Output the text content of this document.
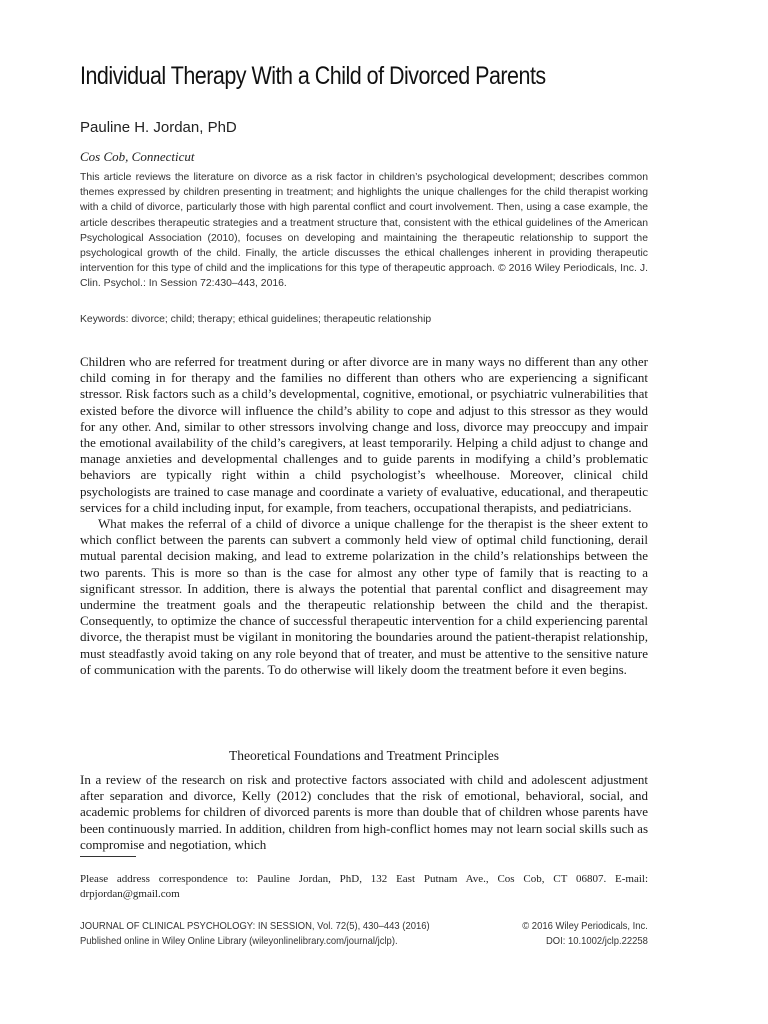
Individual Therapy With a Child of Divorced Parents

Pauline H. Jordan, PhD

Cos Cob, Connecticut

This article reviews the literature on divorce as a risk factor in children’s psychological development; describes common themes expressed by children presenting in treatment; and highlights the unique challenges for the child therapist working with a child of divorce, particularly those with high parental conflict and court involvement. Then, using a case example, the article describes therapeutic strategies and a treatment structure that, consistent with the ethical guidelines of the American Psychological Association (2010), focuses on developing and maintaining the therapeutic relationship to support the psychological growth of the child. Finally, the article discusses the ethical challenges inherent in providing therapeutic intervention for this type of child and the implications for this type of therapeutic approach. © 2016 Wiley Periodicals, Inc. J. Clin. Psychol.: In Session 72:430–443, 2016.

Keywords: divorce; child; therapy; ethical guidelines; therapeutic relationship

Children who are referred for treatment during or after divorce are in many ways no different than any other child coming in for therapy and the families no different than others who are experiencing a significant stressor. Risk factors such as a child’s developmental, cognitive, emotional, or psychiatric vulnerabilities that existed before the divorce will influence the child’s ability to cope and adjust to this stressor as they would for any other. And, similar to other stressors involving change and loss, divorce may preoccupy and impair the emotional availability of the child’s caregivers, at least temporarily. Helping a child adjust to change and manage anxieties and developmental challenges and to guide parents in modifying a child’s problematic behaviors are typically right within a child psychologist’s wheelhouse. Moreover, clinical child psychologists are trained to case manage and coordinate a variety of evaluative, educational, and therapeutic services for a child including input, for example, from teachers, occupational therapists, and pediatricians.

What makes the referral of a child of divorce a unique challenge for the therapist is the sheer extent to which conflict between the parents can subvert a commonly held view of optimal child functioning, derail mutual parental decision making, and lead to extreme polarization in the child’s relationships between the two parents. This is more so than is the case for almost any other type of family that is reacting to a significant stressor. In addition, there is always the potential that parental conflict and disagreement may undermine the treatment goals and the therapeutic relationship between the child and the therapist. Consequently, to optimize the chance of successful therapeutic intervention for a child experiencing parental divorce, the therapist must be vigilant in monitoring the boundaries around the patient-therapist relationship, must steadfastly avoid taking on any role beyond that of treater, and must be attentive to the sensitive nature of communication with the parents. To do otherwise will likely doom the treatment before it even begins.

Theoretical Foundations and Treatment Principles

In a review of the research on risk and protective factors associated with child and adolescent adjustment after separation and divorce, Kelly (2012) concludes that the risk of emotional, behavioral, social, and academic problems for children of divorced parents is more than double that of children whose parents have been continuously married. In addition, children from high-conflict homes may not learn social skills such as compromise and negotiation, which

Please address correspondence to: Pauline Jordan, PhD, 132 East Putnam Ave., Cos Cob, CT 06807. E-mail: drpjordan@gmail.com

JOURNAL OF CLINICAL PSYCHOLOGY: IN SESSION, Vol. 72(5), 430–443 (2016)	© 2016 Wiley Periodicals, Inc.
Published online in Wiley Online Library (wileyonlinelibrary.com/journal/jclp).	DOI: 10.1002/jclp.22258
